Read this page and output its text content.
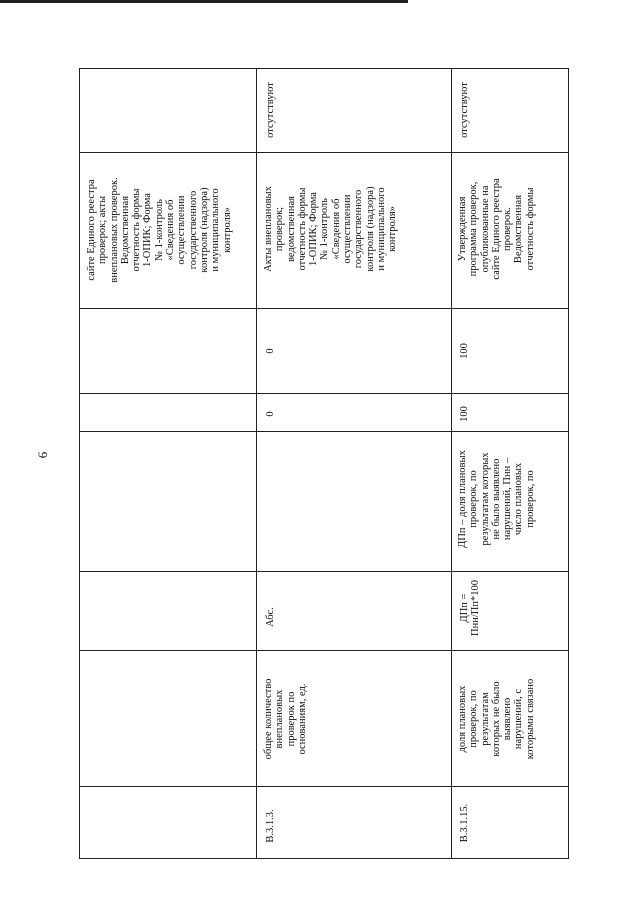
6
сайте Единого реестра
проверок; акты
внеплановых проверок.
Ведомственная
отчетность формы
1-ОПИК; Форма
№ 1-контроль
«Сведения об
осуществлении
государственного
контроля (надзора)
и муниципального
контроля»
отсутствуют
Акты внеплановых
проверок;
ведомственная
отчетность формы
1-ОПИК; Форма
№ 1-контроль
«Сведения об
осуществлении
государственного
контроля (надзора)
и муниципального
контроля»
0
0
Абс.
общее количество
внеплановых
проверок по
основаниям, ед.
В.3.1.3.
отсутствуют
Утвержденная
программа проверок,
опубликованные на
сайте Единого реестра
проверок.
Ведомственная
отчетность формы
100
100
ДПп – доля плановых
проверок, по
результатам которых
не было выявлено
нарушений, Пнн –
число плановых
проверок, по
ДПп =
Пнн/Пп*100
доля плановых
проверок, по
результатам
которых не было
выявлено
нарушений, с
которыми связано
В.3.1.15.
